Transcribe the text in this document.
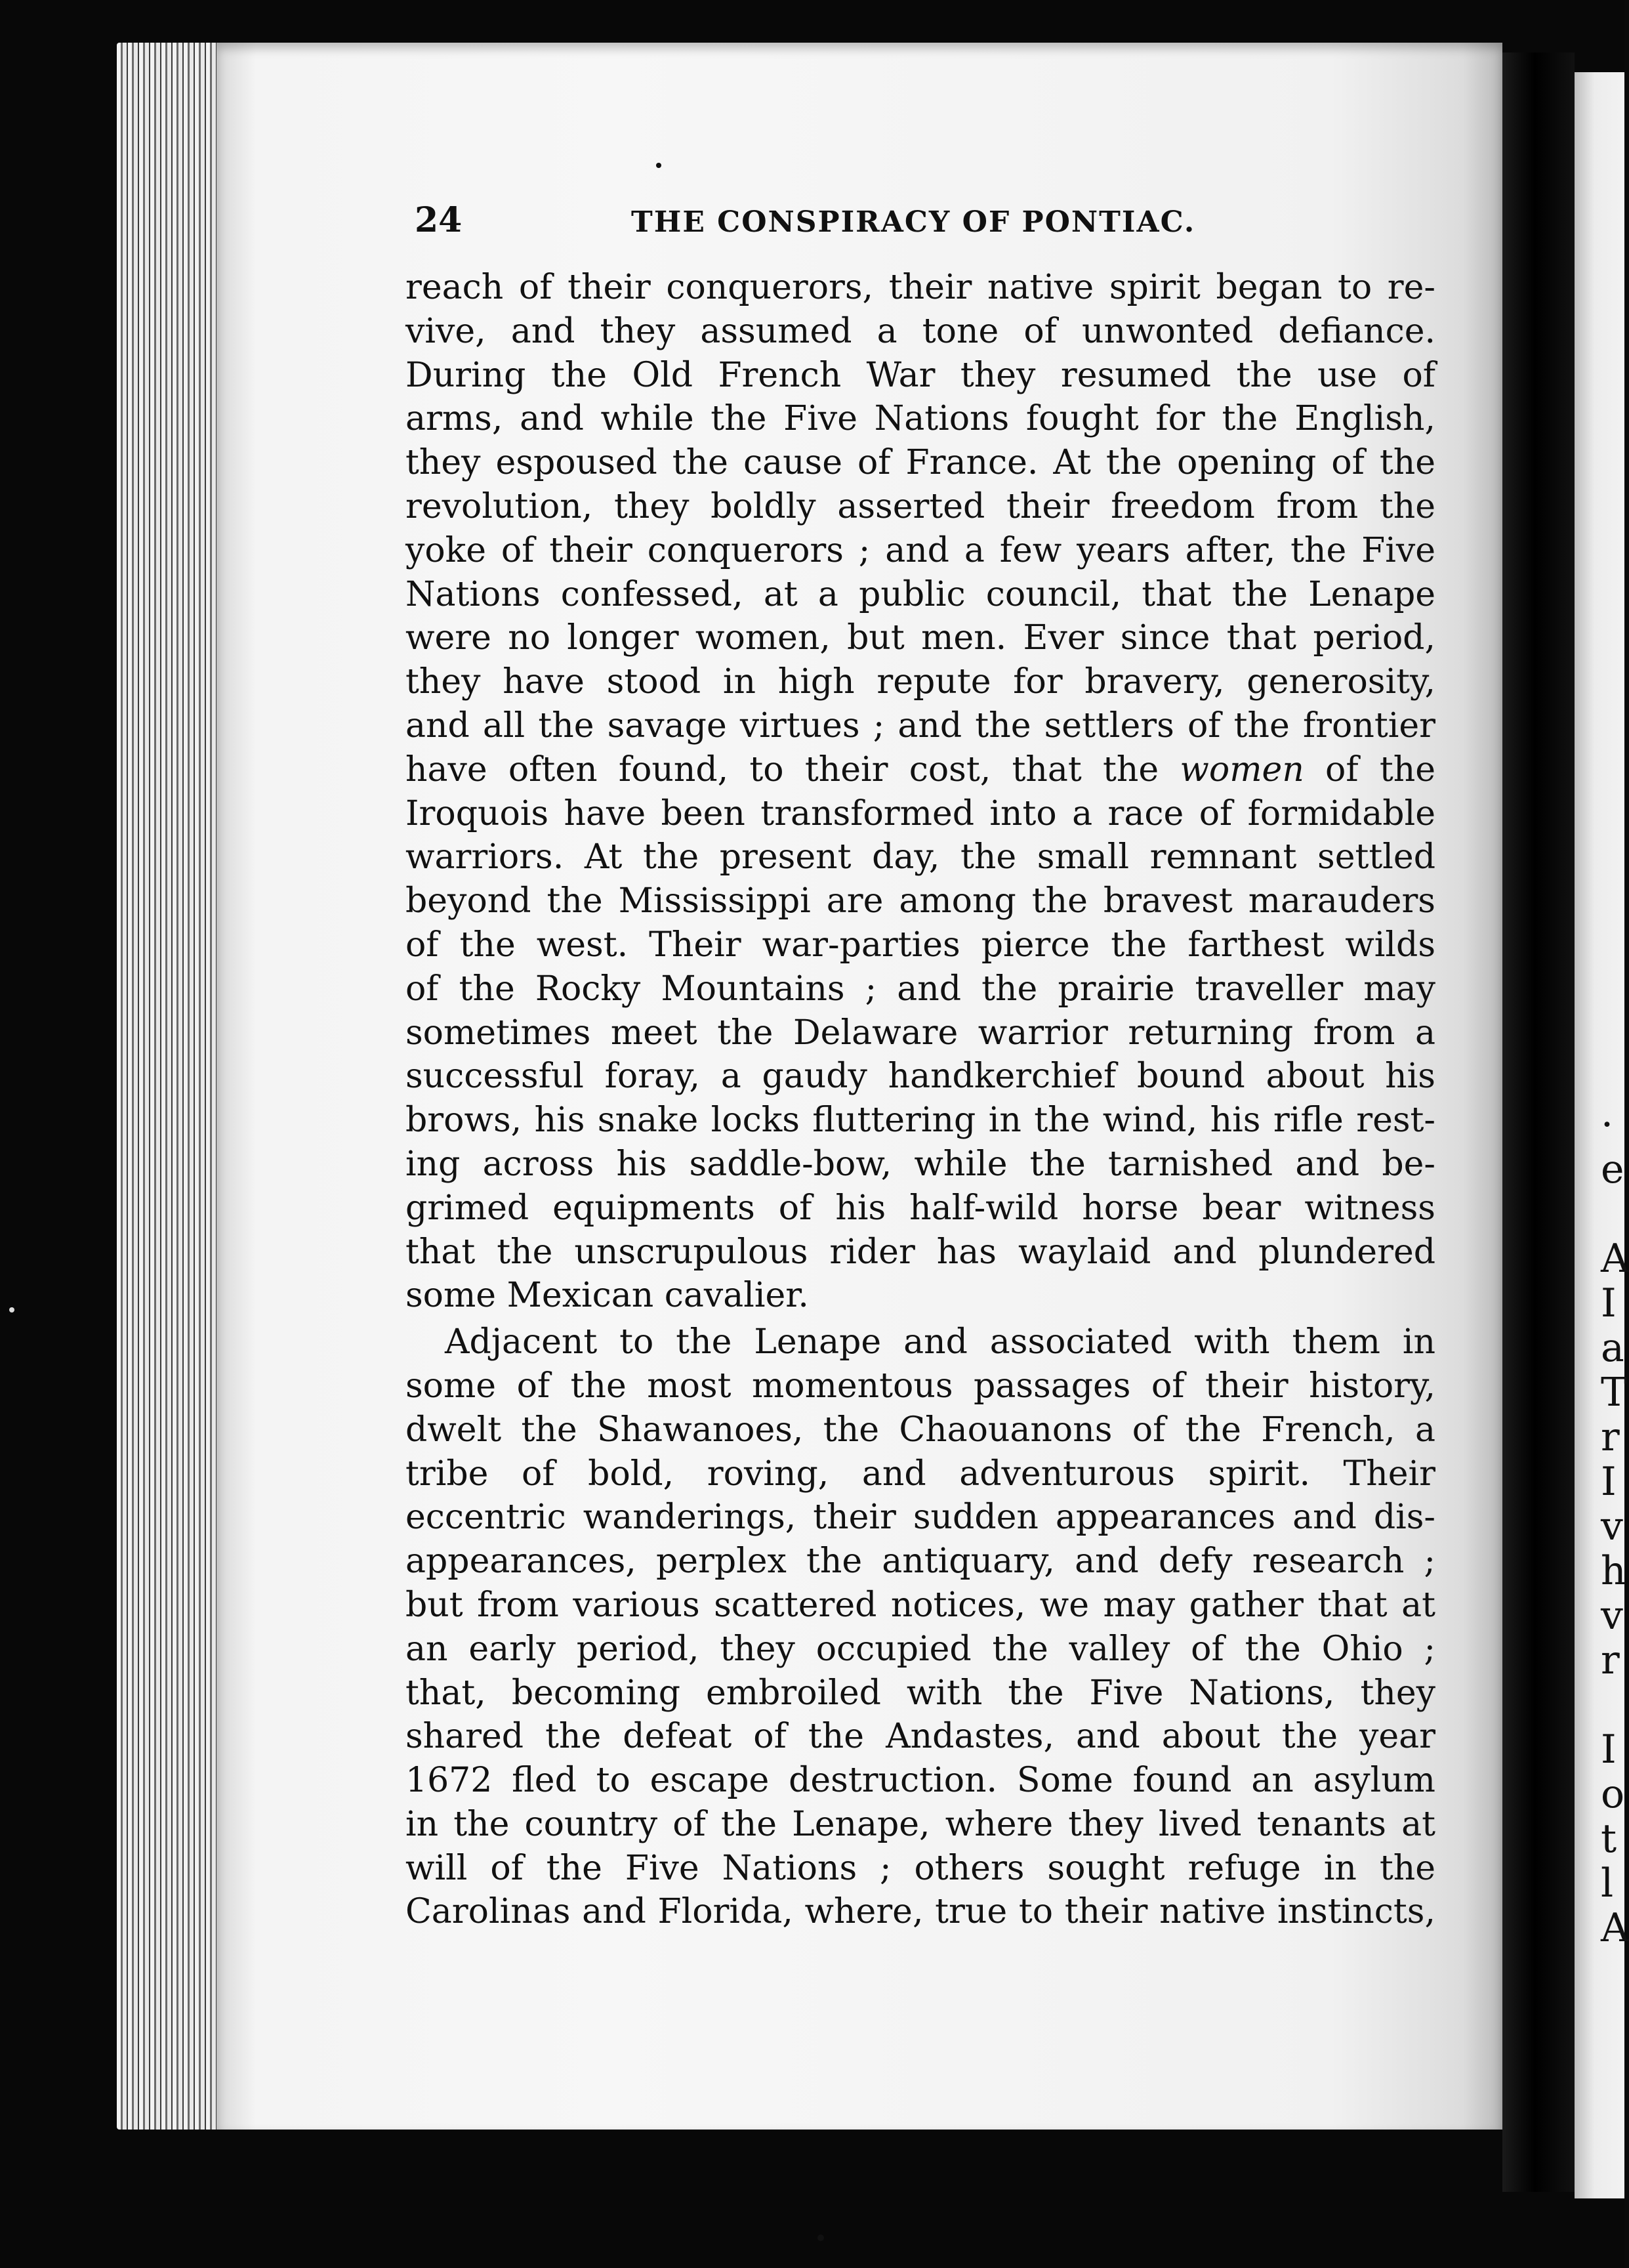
·
e

A
I
a
T
r
I
v
h
v
r

I
o
t
l
A
24	THE CONSPIRACY OF PONTIAC.
reach of their conquerors, their native spirit began to re-
vive, and they assumed a tone of unwonted defiance.
During the Old French War they resumed the use of
arms, and while the Five Nations fought for the English,
they espoused the cause of France. At the opening of the
revolution, they boldly asserted their freedom from the
yoke of their conquerors ; and a few years after, the Five
Nations confessed, at a public council, that the Lenape
were no longer women, but men. Ever since that period,
they have stood in high repute for bravery, generosity,
and all the savage virtues ; and the settlers of the frontier
have often found, to their cost, that the women of the
Iroquois have been transformed into a race of formidable
warriors. At the present day, the small remnant settled
beyond the Mississippi are among the bravest marauders
of the west. Their war-parties pierce the farthest wilds
of the Rocky Mountains ; and the prairie traveller may
sometimes meet the Delaware warrior returning from a
successful foray, a gaudy handkerchief bound about his
brows, his snake locks fluttering in the wind, his rifle rest-
ing across his saddle-bow, while the tarnished and be-
grimed equipments of his half-wild horse bear witness
that the unscrupulous rider has waylaid and plundered
some Mexican cavalier.
Adjacent to the Lenape and associated with them in
some of the most momentous passages of their history,
dwelt the Shawanoes, the Chaouanons of the French, a
tribe of bold, roving, and adventurous spirit. Their
eccentric wanderings, their sudden appearances and dis-
appearances, perplex the antiquary, and defy research ;
but from various scattered notices, we may gather that at
an early period, they occupied the valley of the Ohio ;
that, becoming embroiled with the Five Nations, they
shared the defeat of the Andastes, and about the year
1672 fled to escape destruction. Some found an asylum
in the country of the Lenape, where they lived tenants at
will of the Five Nations ; others sought refuge in the
Carolinas and Florida, where, true to their native instincts,
